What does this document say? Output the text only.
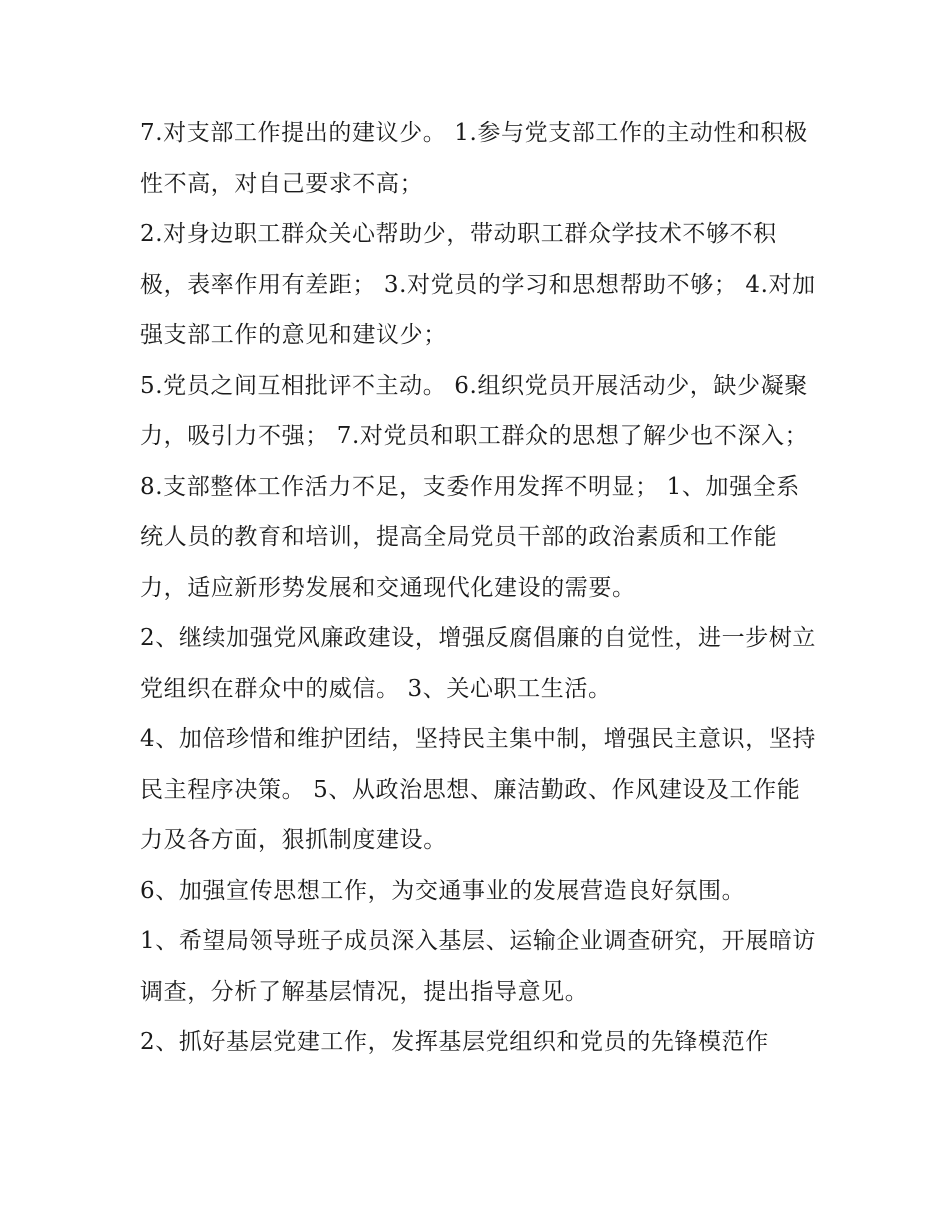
7.对支部工作提出的建议少。 1.参与党支部工作的主动性和积极性不高，对自己要求不高；

2.对身边职工群众关心帮助少，带动职工群众学技术不够不积极，表率作用有差距； 3.对党员的学习和思想帮助不够； 4.对加强支部工作的意见和建议少；

5.党员之间互相批评不主动。 6.组织党员开展活动少，缺少凝聚力，吸引力不强； 7.对党员和职工群众的思想了解少也不深入；

8.支部整体工作活力不足，支委作用发挥不明显； 1、加强全系统人员的教育和培训，提高全局党员干部的政治素质和工作能力，适应新形势发展和交通现代化建设的需要。

2、继续加强党风廉政建设，增强反腐倡廉的自觉性，进一步树立党组织在群众中的威信。 3、关心职工生活。

4、加倍珍惜和维护团结，坚持民主集中制，增强民主意识，坚持民主程序决策。 5、从政治思想、廉洁勤政、作风建设及工作能力及各方面，狠抓制度建设。

6、加强宣传思想工作，为交通事业的发展营造良好氛围。

1、希望局领导班子成员深入基层、运输企业调查研究，开展暗访调查，分析了解基层情况，提出指导意见。

2、抓好基层党建工作，发挥基层党组织和党员的先锋模范作
